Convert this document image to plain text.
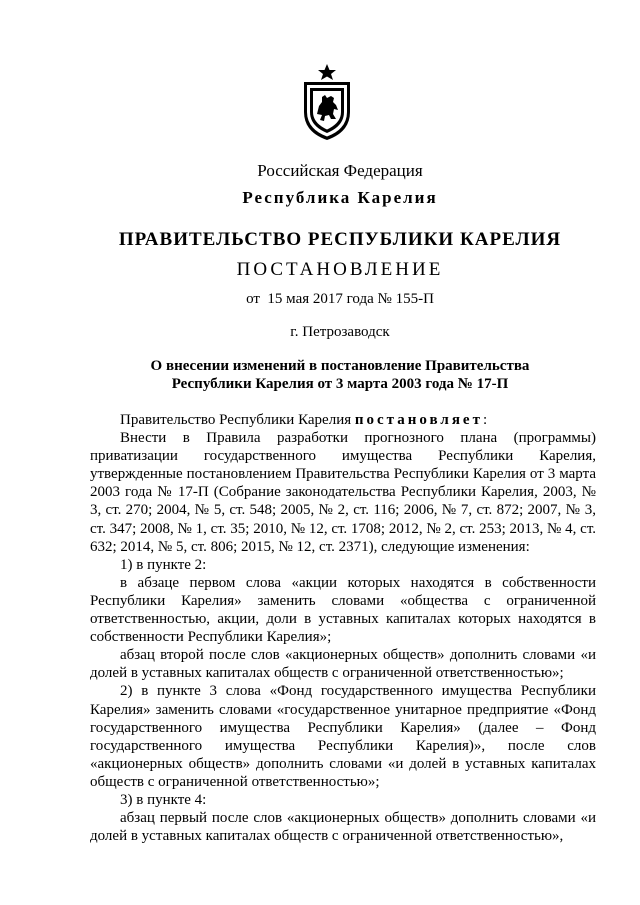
Российская Федерация
Республика Карелия
ПРАВИТЕЛЬСТВО РЕСПУБЛИКИ КАРЕЛИЯ
ПОСТАНОВЛЕНИЕ
от  15 мая 2017 года № 155-П
г. Петрозаводск
О внесении изменений в постановление Правительства
Республики Карелия от 3 марта 2003 года № 17-П

Правительство Республики Карелия постановляет:

Внести в Правила разработки прогнозного плана (программы) приватизации государственного имущества Республики Карелия, утвержденные постановлением Правительства Республики Карелия от 3 марта 2003 года № 17-П (Собрание законодательства Республики Карелия, 2003, № 3, ст. 270; 2004, № 5, ст. 548; 2005, № 2, ст. 116; 2006, № 7, ст. 872; 2007, № 3, ст. 347; 2008, № 1, ст. 35; 2010, № 12, ст. 1708; 2012, № 2, ст. 253; 2013, № 4, ст. 632; 2014, № 5, ст. 806; 2015, № 12, ст. 2371), следующие изменения:

1) в пункте 2:

в абзаце первом слова «акции которых находятся в собственности Республики Карелия» заменить словами «общества с ограниченной ответственностью, акции, доли в уставных капиталах которых находятся в собственности Республики Карелия»;

абзац второй после слов «акционерных обществ» дополнить словами «и долей в уставных капиталах обществ с ограниченной ответственностью»;

2) в пункте 3 слова «Фонд государственного имущества Республики Карелия» заменить словами «государственное унитарное предприятие «Фонд государственного имущества Республики Карелия» (далее – Фонд государственного имущества Республики Карелия)», после слов «акционерных обществ» дополнить словами «и долей в уставных капиталах обществ с ограниченной ответственностью»;

3) в пункте 4:

абзац первый после слов «акционерных обществ» дополнить словами «и долей в уставных капиталах обществ с ограниченной ответственностью»,
